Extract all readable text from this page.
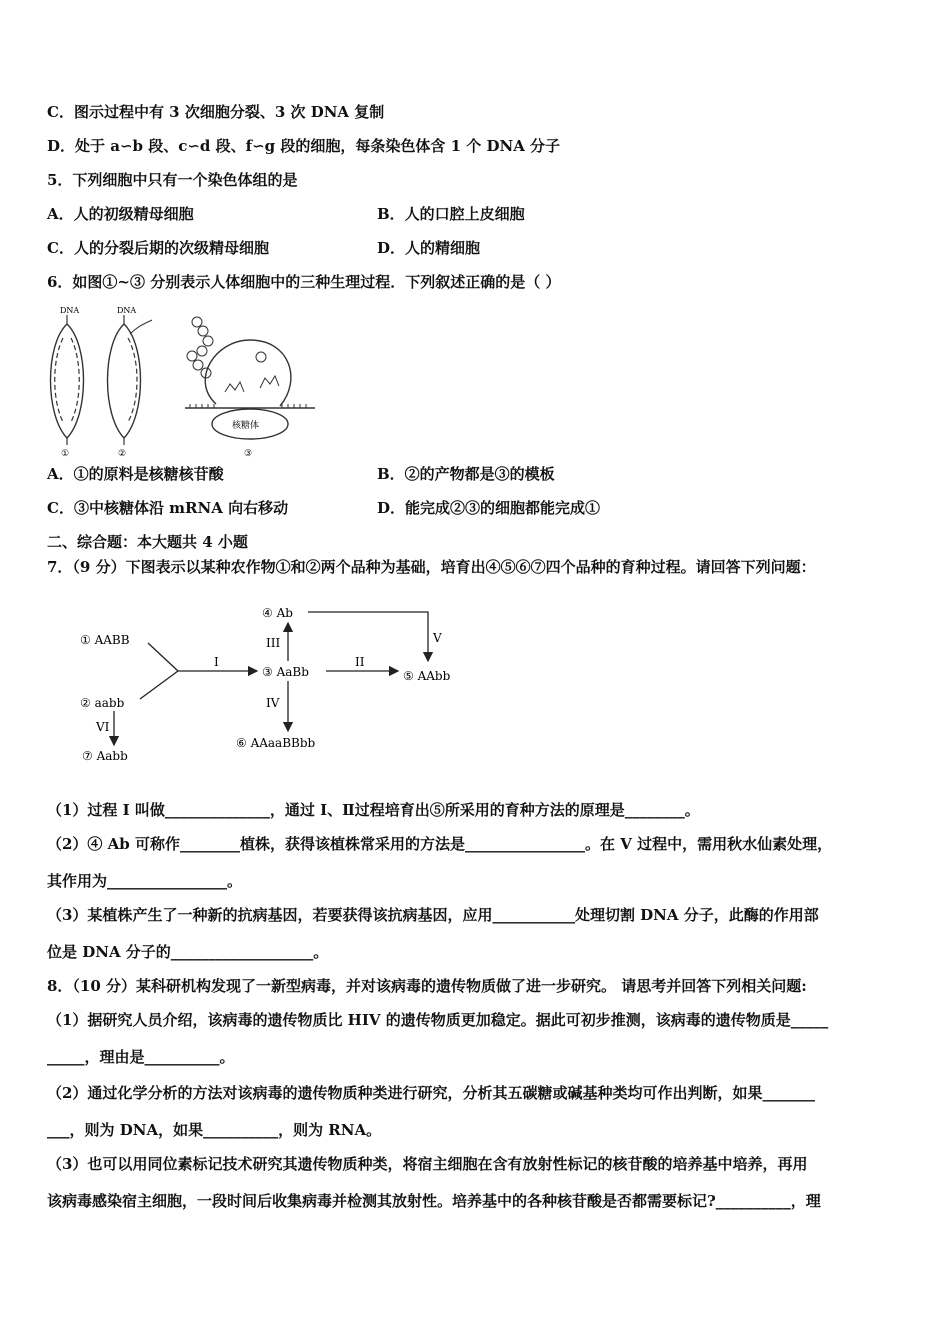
C．图示过程中有 3 次细胞分裂、3 次 DNA 复制
D．处于 a∽b 段、c∽d 段、f∽g 段的细胞，每条染色体含 1 个 DNA 分子
5．下列细胞中只有一个染色体组的是
A．人的初级精母细胞	B．人的口腔上皮细胞
C．人的分裂后期的次级精母细胞	D．人的精细胞
6．如图①~③ 分别表示人体细胞中的三种生理过程．下列叙述正确的是（ ）
DNA
①
DNA
②
核糖体
③
A．①的原料是核糖核苷酸	B．②的产物都是③的模板
C．③中核糖体沿 mRNA 向右移动	D．能完成②③的细胞都能完成①
二、综合题：本大题共 4 小题
7．（9 分）下图表示以某种农作物①和②两个品种为基础，培育出④⑤⑥⑦四个品种的育种过程。请回答下列问题：
① AABB
② aabb
③ AaBb
④ Ab
⑤ AAbb
⑥ AAaaBBbb
⑦ Aabb
I	II
III
IV
V
VI
（1）过程 I 叫做______________，通过 I、Ⅱ过程培育出⑤所采用的育种方法的原理是________。
（2）④ Ab 可称作________植株，获得该植株常采用的方法是________________。在 V 过程中，需用秋水仙素处理，
其作用为________________。
（3）某植株产生了一种新的抗病基因，若要获得该抗病基因，应用___________处理切割 DNA 分子，此酶的作用部
位是 DNA 分子的___________________。
8．（10 分）某科研机构发现了一新型病毒，并对该病毒的遗传物质做了进一步研究。 请思考并回答下列相关问题:
（1）据研究人员介绍，该病毒的遗传物质比 HIV 的遗传物质更加稳定。据此可初步推测，该病毒的遗传物质是_____
_____，理由是__________。
（2）通过化学分析的方法对该病毒的遗传物质种类进行研究，分析其五碳糖或碱基种类均可作出判断，如果_______
___，则为 DNA，如果__________，则为 RNA。
（3）也可以用同位素标记技术研究其遗传物质种类，将宿主细胞在含有放射性标记的核苷酸的培养基中培养，再用
该病毒感染宿主细胞，一段时间后收集病毒并检测其放射性。培养基中的各种核苷酸是否都需要标记?__________，理
